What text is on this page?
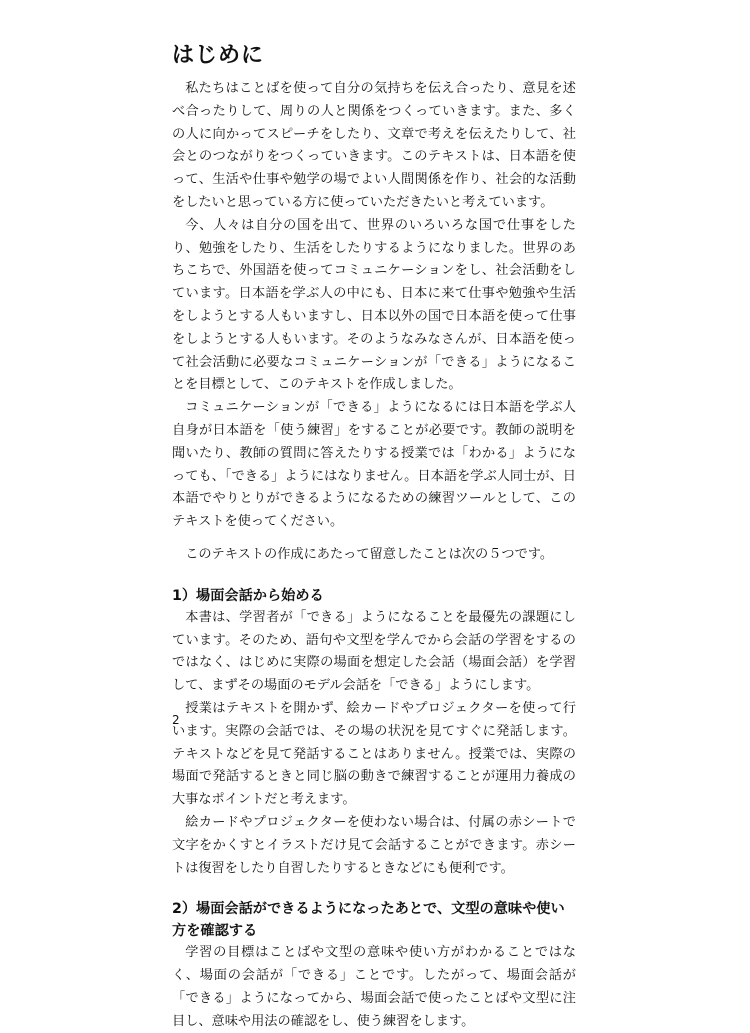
はじめに

私たちはことばを使って自分の気持ちを伝え合ったり、意見を述べ合ったりして、周りの人と関係をつくっていきます。また、多くの人に向かってスピーチをしたり、文章で考えを伝えたりして、社会とのつながりをつくっていきます。このテキストは、日本語を使って、生活や仕事や勉学の場でよい人間関係を作り、社会的な活動をしたいと思っている方に使っていただきたいと考えています。

今、人々は自分の国を出て、世界のいろいろな国で仕事をしたり、勉強をしたり、生活をしたりするようになりました。世界のあちこちで、外国語を使ってコミュニケーションをし、社会活動をしています。日本語を学ぶ人の中にも、日本に来て仕事や勉強や生活をしようとする人もいますし、日本以外の国で日本語を使って仕事をしようとする人もいます。そのようなみなさんが、日本語を使って社会活動に必要なコミュニケーションが「できる」ようになることを目標として、このテキストを作成しました。

コミュニケーションが「できる」ようになるには日本語を学ぶ人自身が日本語を「使う練習」をすることが必要です。教師の説明を聞いたり、教師の質問に答えたりする授業では「わかる」ようになっても、「できる」ようにはなりません。日本語を学ぶ人同士が、日本語でやりとりができるようになるための練習ツールとして、このテキストを使ってください。

このテキストの作成にあたって留意したことは次の５つです。

1）場面会話から始める

本書は、学習者が「できる」ようになることを最優先の課題にしています。そのため、語句や文型を学んでから会話の学習をするのではなく、はじめに実際の場面を想定した会話（場面会話）を学習して、まずその場面のモデル会話を「できる」ようにします。

授業はテキストを開かず、絵カードやプロジェクターを使って行います。実際の会話では、その場の状況を見てすぐに発話します。テキストなどを見て発話することはありません。授業では、実際の場面で発話するときと同じ脳の動きで練習することが運用力養成の大事なポイントだと考えます。

絵カードやプロジェクターを使わない場合は、付属の赤シートで文字をかくすとイラストだけ見て会話することができます。赤シートは復習をしたり自習したりするときなどにも便利です。

2）場面会話ができるようになったあとで、文型の意味や使い方を確認する

学習の目標はことばや文型の意味や使い方がわかることではなく、場面の会話が「できる」ことです。したがって、場面会話が「できる」ようになってから、場面会話で使ったことばや文型に注目し、意味や用法の確認をし、使う練習をします。

2
